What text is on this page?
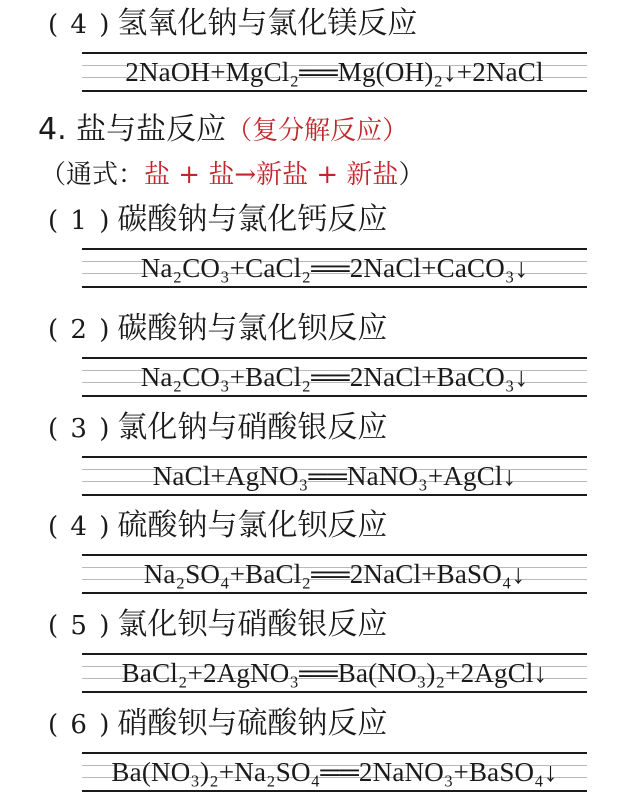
( 4 ) 氢氧化钠与氯化镁反应
2NaOH+MgCl₂══Mg(OH)₂↓+2NaCl
4. 盐与盐反应（复分解反应）
（通式：盐 + 盐→新盐 + 新盐）
( 1 ) 碳酸钠与氯化钙反应
Na₂CO₃+CaCl₂══2NaCl+CaCO₃↓
( 2 ) 碳酸钠与氯化钡反应
Na₂CO₃+BaCl₂══2NaCl+BaCO₃↓
( 3 ) 氯化钠与硝酸银反应
NaCl+AgNO₃══NaNO₃+AgCl↓
( 4 ) 硫酸钠与氯化钡反应
Na₂SO₄+BaCl₂══2NaCl+BaSO₄↓
( 5 ) 氯化钡与硝酸银反应
BaCl₂+2AgNO₃══Ba(NO₃)₂+2AgCl↓
( 6 ) 硝酸钡与硫酸钠反应
Ba(NO₃)₂+Na₂SO₄══2NaNO₃+BaSO₄↓
